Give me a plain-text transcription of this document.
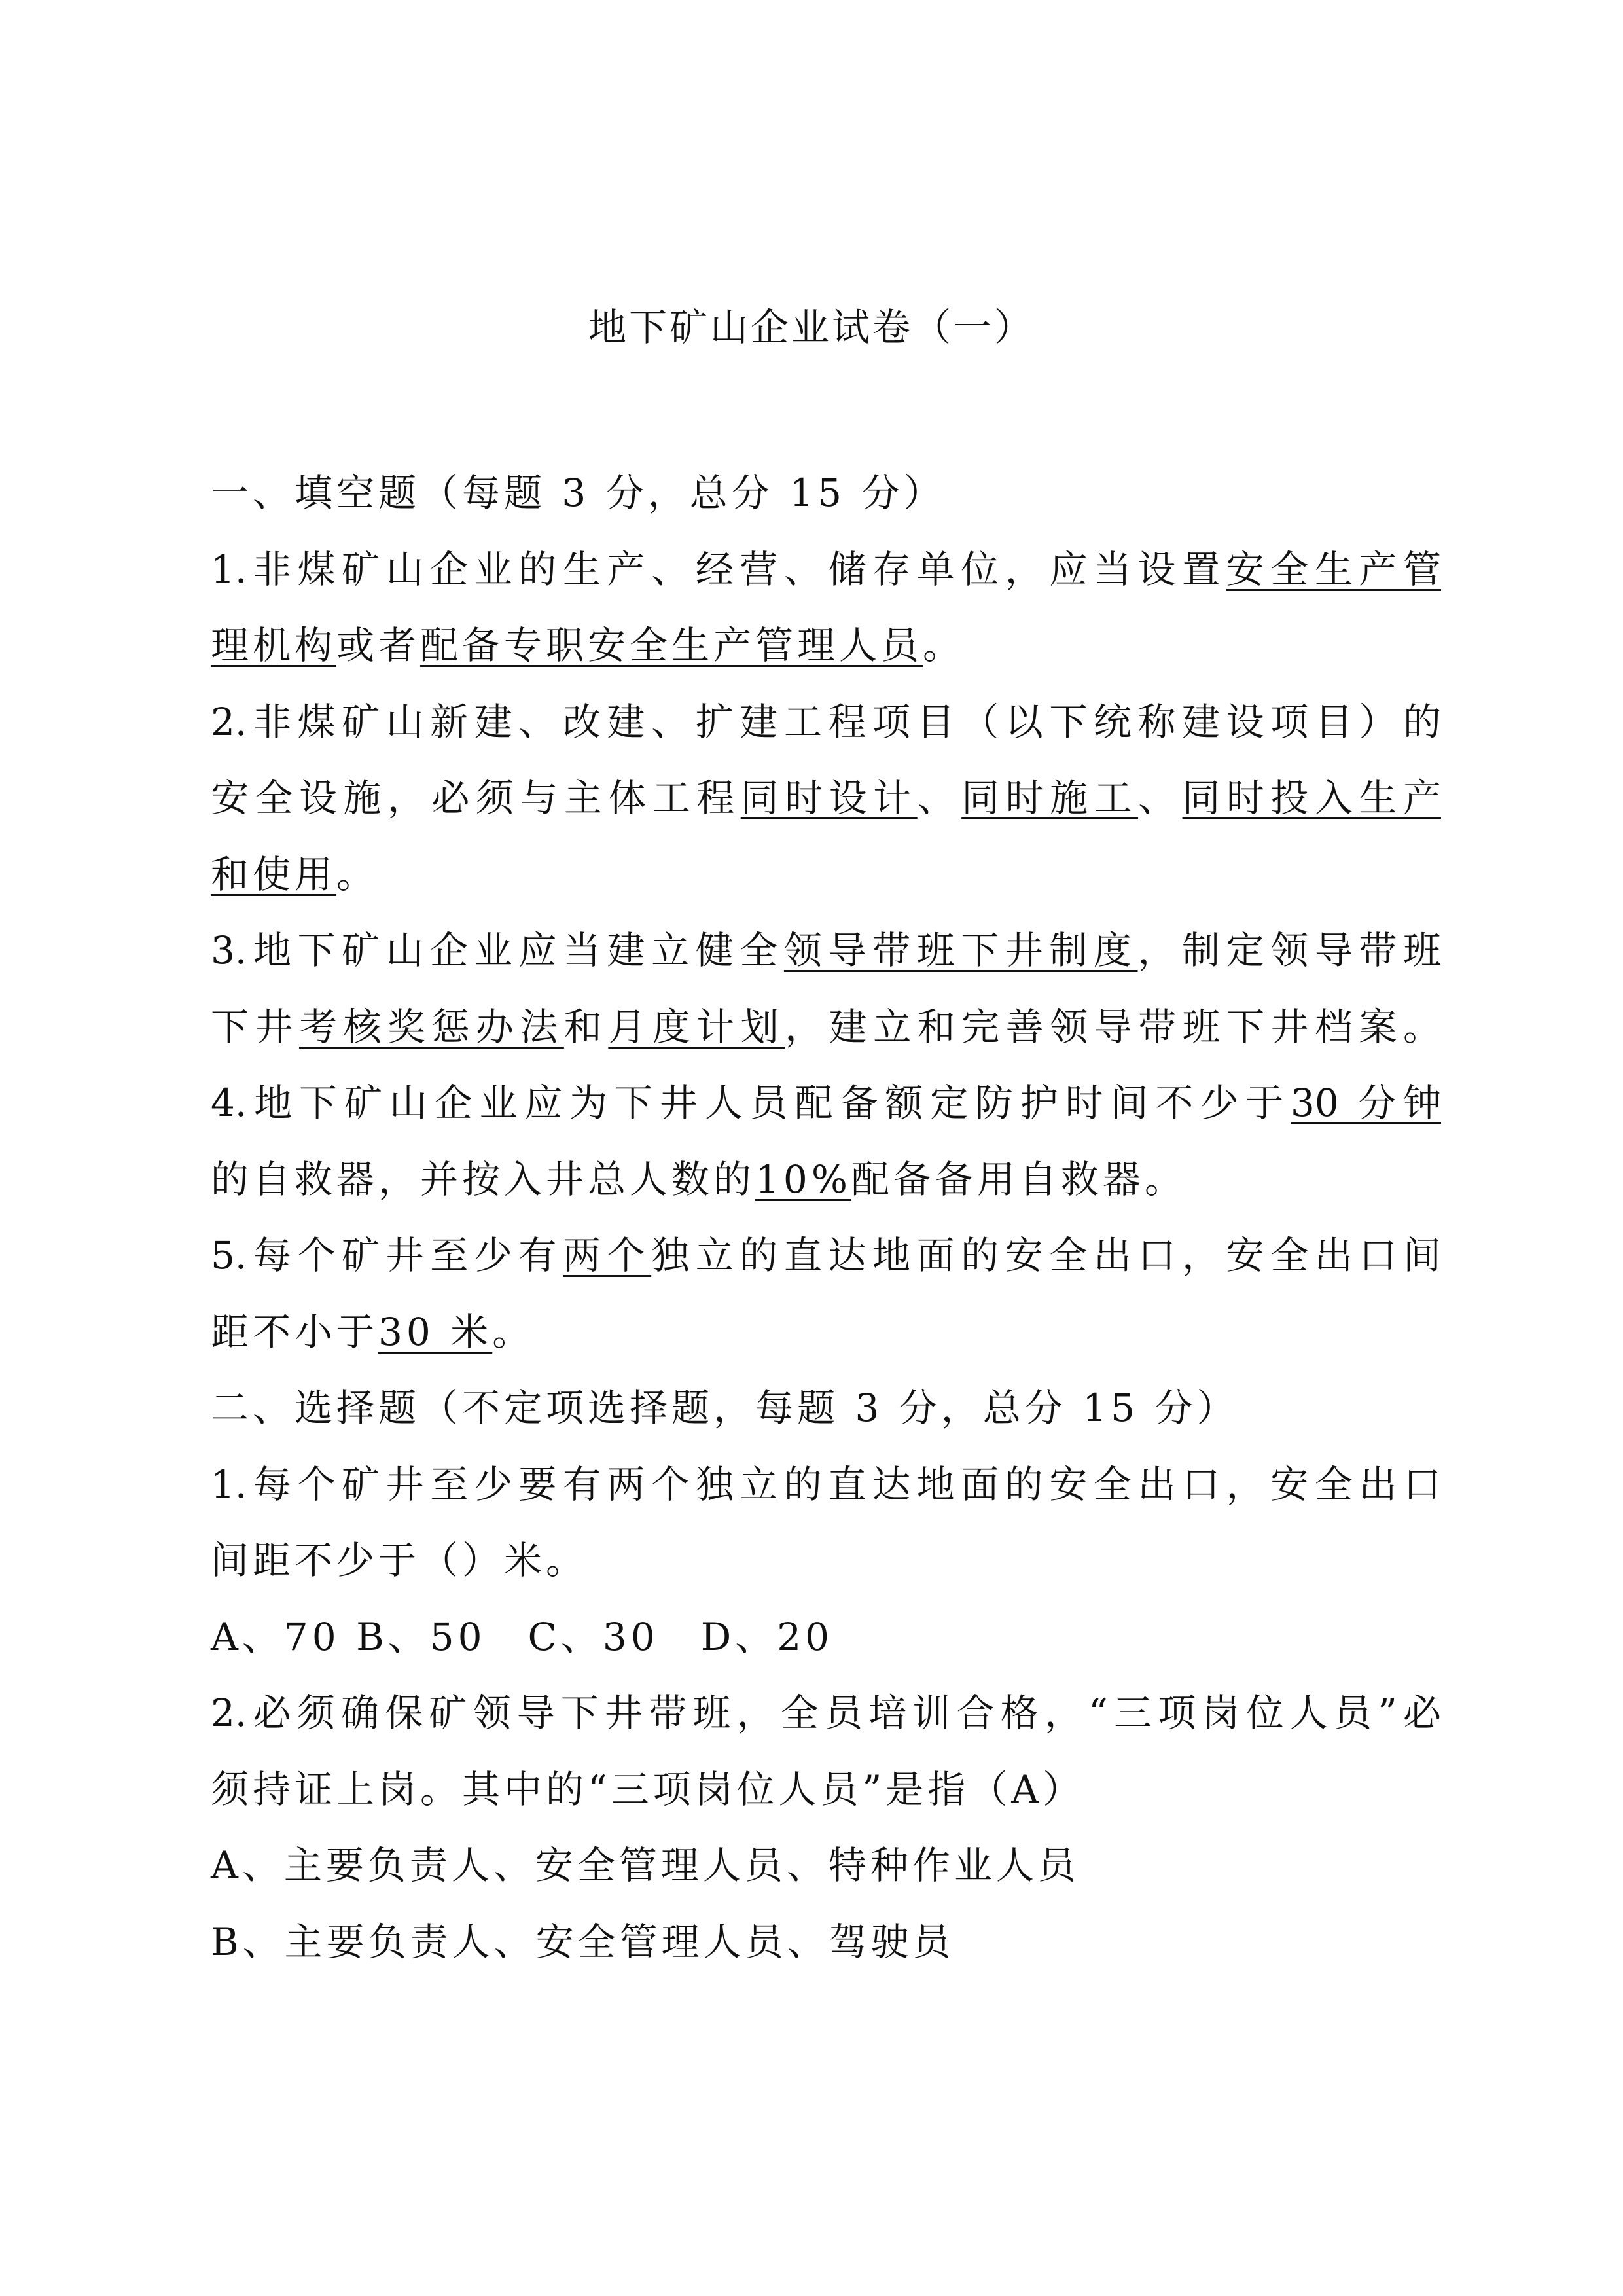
地下矿山企业试卷（一）
一、填空题（每题 3 分，总分 15 分）
1.非煤矿山企业的生产、经营、储存单位，应当设置安全生产管
理机构或者配备专职安全生产管理人员。
2.非煤矿山新建、改建、扩建工程项目（以下统称建设项目）的
安全设施，必须与主体工程同时设计、同时施工、同时投入生产
和使用。
3.地下矿山企业应当建立健全领导带班下井制度，制定领导带班
下井考核奖惩办法和月度计划，建立和完善领导带班下井档案。
4.地下矿山企业应为下井人员配备额定防护时间不少于30 分钟
的自救器，并按入井总人数的10%配备备用自救器。
5.每个矿井至少有两个独立的直达地面的安全出口，安全出口间
距不小于30 米。
二、选择题（不定项选择题，每题 3 分，总分 15 分）
1.每个矿井至少要有两个独立的直达地面的安全出口，安全出口
间距不少于（）米。
A、70 B、50　C、30　D、20
2.必须确保矿领导下井带班，全员培训合格，“三项岗位人员”必
须持证上岗。其中的“三项岗位人员”是指（A）
A、主要负责人、安全管理人员、特种作业人员
B、主要负责人、安全管理人员、驾驶员
